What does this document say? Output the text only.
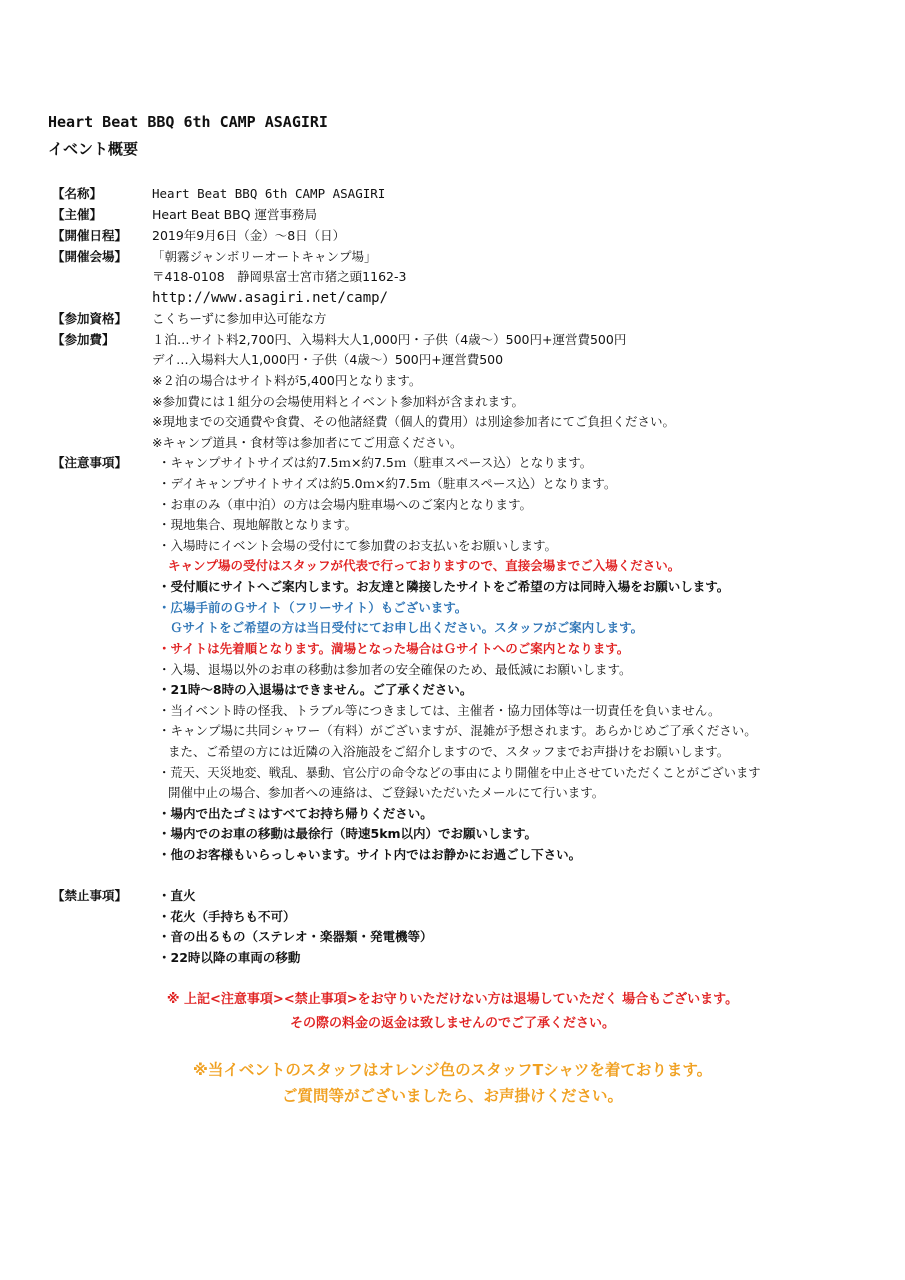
Heart Beat BBQ 6th CAMP ASAGIRI
イベント概要
【名称】	Heart Beat BBQ 6th CAMP ASAGIRI
【主催】	Heart Beat BBQ 運営事務局
【開催日程】 2019年9月6日（金）～8日（日）
【開催会場】 「朝霧ジャンボリーオートキャンプ場」
〒418-0108　静岡県富士宮市猪之頭1162-3
http://www.asagiri.net/camp/
【参加資格】 こくちーずに参加申込可能な方
【参加費】	１泊…サイト料2,700円、入場料大人1,000円・子供（4歳～）500円+運営費500円
デイ…入場料大人1,000円・子供（4歳～）500円+運営費500
※２泊の場合はサイト料が5,400円となります。
※参加費には１組分の会場使用料とイベント参加料が含まれます。
※現地までの交通費や食費、その他諸経費（個人的費用）は別途参加者にてご負担ください。
※キャンプ道具・食材等は参加者にてご用意ください。
【注意事項】 ・キャンプサイトサイズは約7.5ｍ×約7.5ｍ（駐車スペース込）となります。
・デイキャンプサイトサイズは約5.0ｍ×約7.5ｍ（駐車スペース込）となります。
・お車のみ（車中泊）の方は会場内駐車場へのご案内となります。
・現地集合、現地解散となります。
・入場時にイベント会場の受付にて参加費のお支払いをお願いします。
キャンプ場の受付はスタッフが代表で行っておりますので、直接会場までご入場ください。
・受付順にサイトへご案内します。お友達と隣接したサイトをご希望の方は同時入場をお願いします。
・広場手前のＧサイト（フリーサイト）もございます。
Ｇサイトをご希望の方は当日受付にてお申し出ください。スタッフがご案内します。
・サイトは先着順となります。満場となった場合はＧサイトへのご案内となります。
・入場、退場以外のお車の移動は参加者の安全確保のため、最低減にお願いします。
・21時～8時の入退場はできません。ご了承ください。
・当イベント時の怪我、トラブル等につきましては、主催者・協力団体等は一切責任を負いません。
・キャンプ場に共同シャワー（有料）がございますが、混雑が予想されます。あらかじめご了承ください。
また、ご希望の方には近隣の入浴施設をご紹介しますので、スタッフまでお声掛けをお願いします。
・荒天、天災地変、戦乱、暴動、官公庁の命令などの事由により開催を中止させていただくことがございます
開催中止の場合、参加者への連絡は、ご登録いただいたメールにて行います。
・場内で出たゴミはすべてお持ち帰りください。
・場内でのお車の移動は最徐行（時速5km以内）でお願いします。
・他のお客様もいらっしゃいます。サイト内ではお静かにお過ごし下さい。
【禁止事項】 ・直火
・花火（手持ちも不可）
・音の出るもの（ステレオ・楽器類・発電機等）
・22時以降の車両の移動
※ 上記<注意事項><禁止事項>をお守りいただけない方は退場していただく 場合もございます。
その際の料金の返金は致しませんのでご了承ください。
※当イベントのスタッフはオレンジ色のスタッフTシャツを着ております。
ご質問等がございましたら、お声掛けください。
